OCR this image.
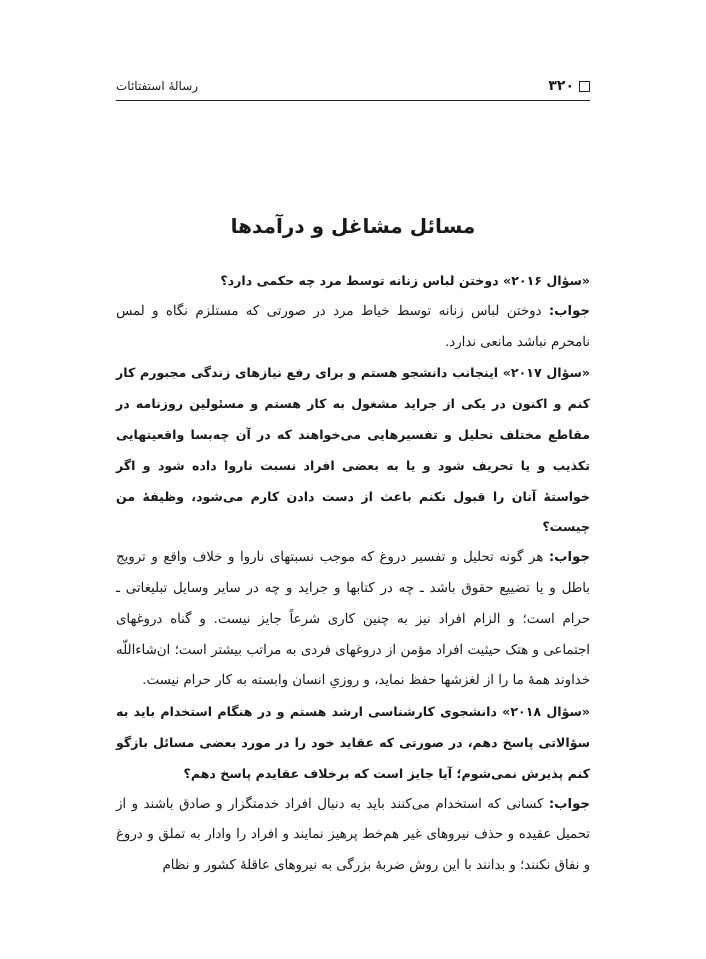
۳۲۰
رسالهٔ استفتائات
مسائل مشاغل و درآمدها

«سؤال ۲۰۱۶» دوختن لباس زنانه توسط مرد چه حکمی دارد؟

جواب: دوختن لباس زنانه توسط خیاط مرد در صورتی که مستلزم نگاه و لمس نامحرم نباشد مانعی ندارد.

«سؤال ۲۰۱۷» اینجانب دانشجو هستم و برای رفع نیازهای زندگی مجبورم کار کنم و اکنون در یکی از جراید مشغول به کار هستم و مسئولین روزنامه در مقاطع مختلف تحلیل و تفسیرهایی می‌خواهند که در آن چه‌بسا واقعیتهایی تکذیب و یا تحریف شود و یا به بعضی افراد نسبت ناروا داده شود و اگر خواستهٔ آنان را قبول نکنم باعث از دست دادن کارم می‌شود، وظیفهٔ من چیست؟

جواب: هر گونه تحلیل و تفسیر دروغ که موجب نسبتهای ناروا و خلاف واقع و ترویج باطل و یا تضییع حقوق باشد ـ چه در کتابها و جراید و چه در سایر وسایل تبلیغاتی ـ حرام است؛ و الزام افراد نیز به چنین کاری شرعاً جایز نیست. و گناه دروغهای اجتماعی و هتک حیثیت افراد مؤمن از دروغهای فردی به مراتب بیشتر است؛ ان‌شاءاللّه خداوند همهٔ ما را از لغزشها حفظ نماید، و روزیِ انسان وابسته به کار حرام نیست.

«سؤال ۲۰۱۸» دانشجوی کارشناسی ارشد هستم و در هنگام استخدام باید به سؤالاتی پاسخ دهم، در صورتی که عقاید خود را در مورد بعضی مسائل بازگو کنم پذیرش نمی‌شوم؛ آیا جایز است که برخلاف عقایدم پاسخ دهم؟

جواب: کسانی که استخدام می‌کنند باید به دنبال افراد خدمتگزار و صادق باشند و از تحمیل عقیده و حذف نیروهای غیر هم‌خط پرهیز نمایند و افراد را وادار به تملق و دروغ و نفاق نکنند؛ و بدانند با این روش ضربهٔ بزرگی به نیروهای عاقلهٔ کشور و نظام
